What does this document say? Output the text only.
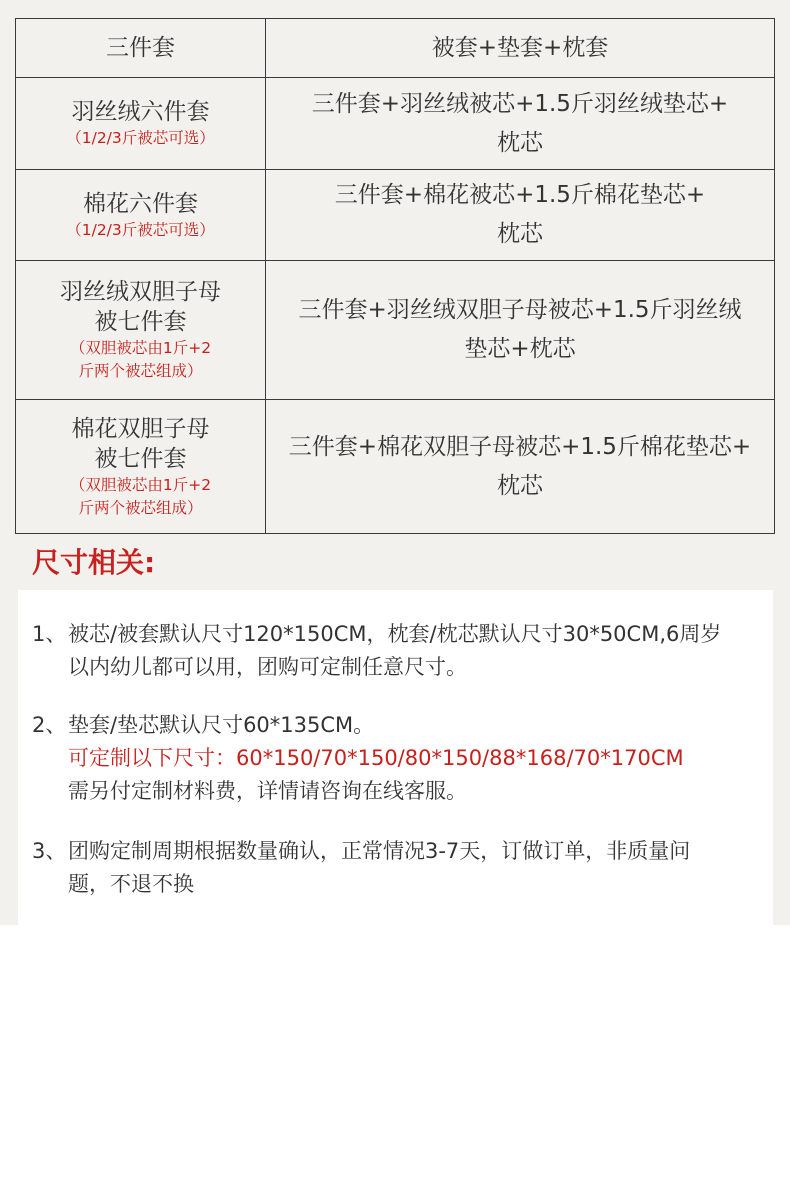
三件套	被套+垫套+枕套

羽丝绒六件套
（1/2/3斤被芯可选）	三件套+羽丝绒被芯+1.5斤羽丝绒垫芯+
枕芯

棉花六件套
（1/2/3斤被芯可选）	三件套+棉花被芯+1.5斤棉花垫芯+
枕芯

羽丝绒双胆子母
被七件套
（双胆被芯由1斤+2
斤两个被芯组成）	三件套+羽丝绒双胆子母被芯+1.5斤羽丝绒
垫芯+枕芯

棉花双胆子母
被七件套
（双胆被芯由1斤+2
斤两个被芯组成）	三件套+棉花双胆子母被芯+1.5斤棉花垫芯+
枕芯
尺寸相关:
1、 被芯/被套默认尺寸120*150CM，枕套/枕芯默认尺寸30*50CM,6周岁
以内幼儿都可以用，团购可定制任意尺寸。
2、 垫套/垫芯默认尺寸60*135CM。
可定制以下尺寸：60*150/70*150/80*150/88*168/70*170CM
需另付定制材料费，详情请咨询在线客服。
3、 团购定制周期根据数量确认，正常情况3-7天，订做订单，非质量问
题，不退不换
